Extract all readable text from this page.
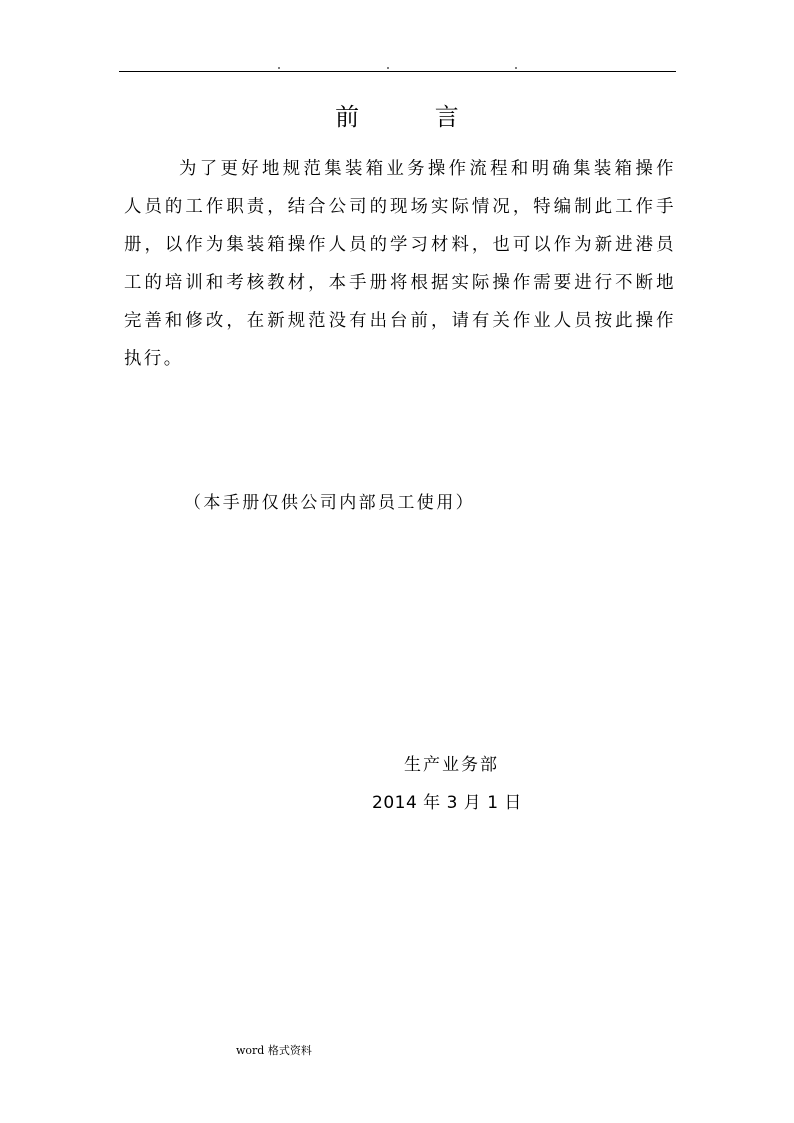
前 言

为了更好地规范集装箱业务操作流程和明确集装箱操作人员的工作职责，结合公司的现场实际情况，特编制此工作手册，以作为集装箱操作人员的学习材料，也可以作为新进港员工的培训和考核教材，本手册将根据实际操作需要进行不断地完善和修改，在新规范没有出台前，请有关作业人员按此操作执行。

（本手册仅供公司内部员工使用）
生产业务部
2014 年 3 月 1 日
word 格式资料
